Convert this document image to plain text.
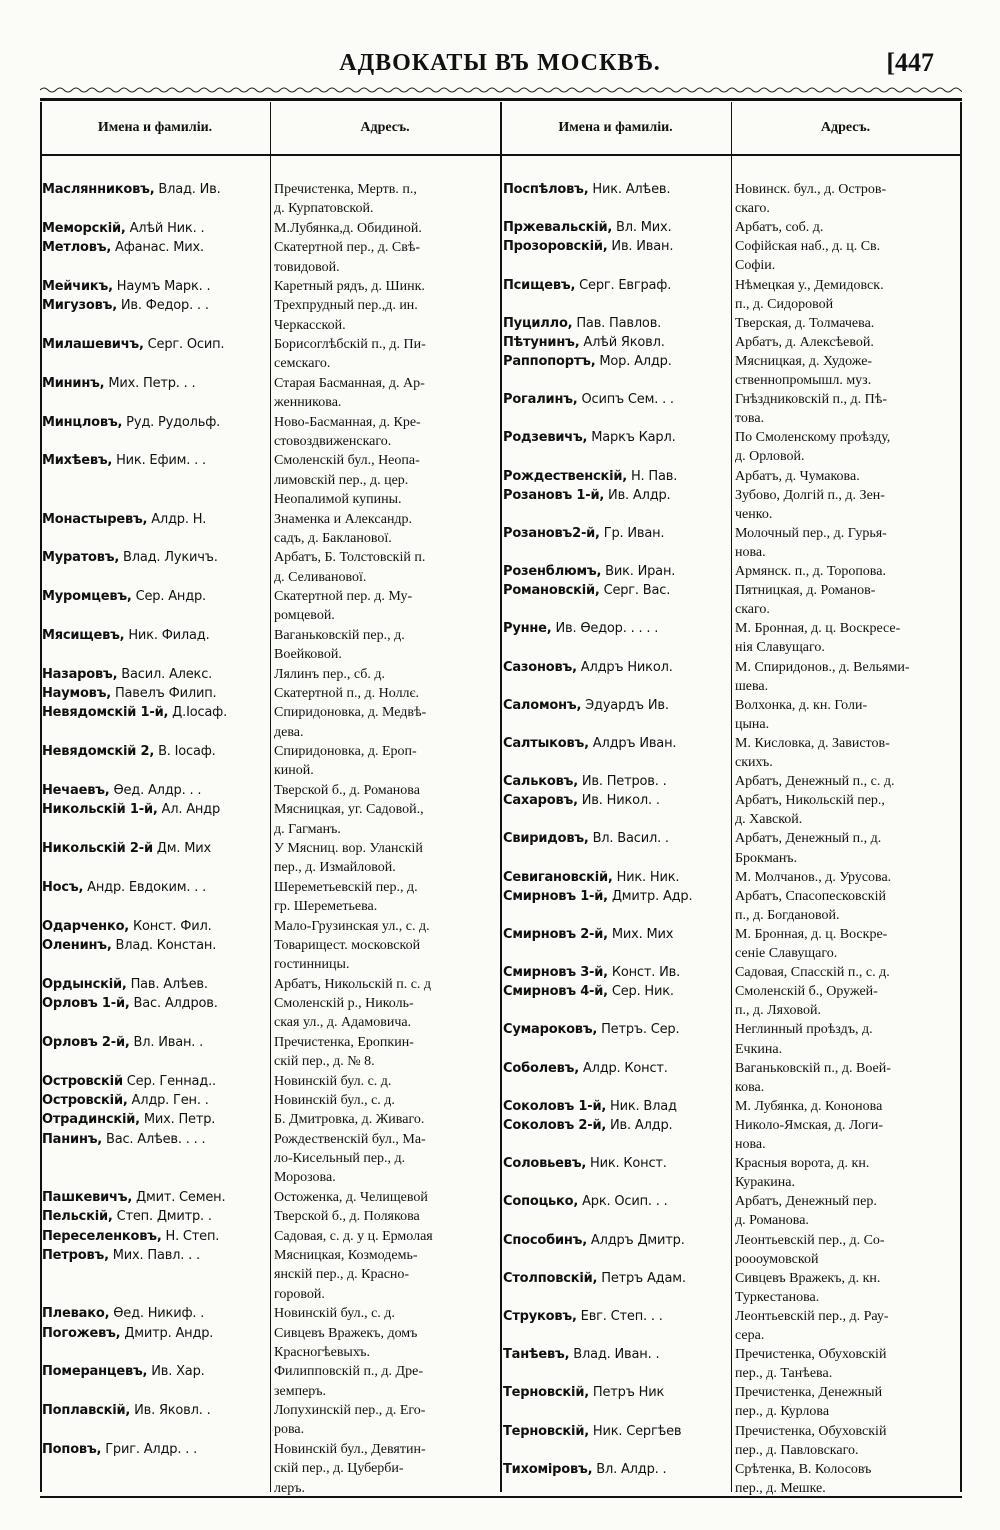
АДВОКАТЫ ВЪ МОСКВѢ.	[447
Имена и фамиліи.	Адресъ.	Имена и фамиліи.	Адресъ.
Маслянниковъ, Влад. Ив.	Пречистенка, Мертв. п.,
д. Курпатовской.
Меморскій, Алѣй Ник. .	М.Лубянка,д. Обидиной.
Метловъ, Афанас. Мих.	Скатертной пер., д. Свѣ-
товидовой.
Мейчикъ, Наумъ Марк. .	Каретный рядъ, д. Шинк.
Мигузовъ, Ив. Федор. . .	Трехпрудный пер.,д. ин.
Черкасской.
Милашевичъ, Серг. Осип.	Борисоглѣбскій п., д. Пи-
семскаго.
Мининъ, Мих. Петр. . .	Старая Басманная, д. Ар-
женникова.
Минцловъ, Руд. Рудольф.	Ново-Басманная, д. Кре-
стовоздвиженскаго.
Михѣевъ, Ник. Ефим. . .	Смоленскій бул., Неопа-
лимовскій пер., д. цер.
Неопалимой купины.
Монастыревъ, Алдр. Н.	Знаменка и Александр.
садъ, д. Бакланової.
Муратовъ, Влад. Лукичъ.	Арбатъ, Б. Толстовскій п.
д. Селиванової.
Муромцевъ, Сер. Андр.	Скатертной пер. д. Му-
ромцевой.
Мясищевъ, Ник. Филад.	Ваганьковскій пер., д.
Воейковой.
Назаровъ, Васил. Алекс.	Лялинъ пер., сб. д.
Наумовъ, Павелъ Филип.	Скатертной п., д. Ноллє.
Невядомскій 1-й, Д.Іосаф.	Спиридоновка, д. Медвѣ-
дева.
Невядомскій 2, В. Іосаф.	Спиридоновка, д. Ероп-
киной.
Нечаевъ, Өед. Алдр. . .	Тверской б., д. Романова
Никольскій 1-й, Ал. Андр	Мясницкая, уг. Садовой.,
д. Гагманъ.
Никольскій 2-й Дм. Мих	У Мясниц. вор. Уланскій
пер., д. Измайловой.
Носъ, Андр. Евдоким. . .	Шереметьевскій пер., д.
гр. Шереметьева.
Одарченко, Конст. Фил.	Мало-Грузинская ул., с. д.
Оленинъ, Влад. Констан.	Товарищест. московской
гостинницы.
Ордынскій, Пав. Алѣев.	Арбатъ, Никольскій п. с. д
Орловъ 1-й, Вас. Алдров.	Смоленскій р., Николь-
ская ул., д. Адамовича.
Орловъ 2-й, Вл. Иван. .	Пречистенка, Еропкин-
скій пер., д. № 8.
Островскій Сер. Геннад..	Новинскій бул. с. д.
Островскій, Алдр. Ген. .	Новинскій бул., с. д.
Отрадинскій, Мих. Петр.	Б. Дмитровка, д. Живаго.
Панинъ, Вас. Алѣев. . . .	Рождественскій бул., Ма-
ло-Кисельный пер., д.
Морозова.
Пашкевичъ, Дмит. Семен.	Остоженка, д. Челищевой
Пельскій, Степ. Дмитр. .	Тверской б., д. Полякова
Переселенковъ, Н. Степ.	Садовая, с. д. у ц. Ермолая
Петровъ, Мих. Павл. . .	Мясницкая, Козмодемь-
янскій пер., д. Красно-
горовой.
Плевако, Өед. Никиф. .	Новинскій бул., с. д.
Погожевъ, Дмитр. Андр.	Сивцевъ Вражекъ, домъ
Красногѣевыхъ.
Померанцевъ, Ив. Хар.	Филипповскій п., д. Дре-
земперъ.
Поплавскій, Ив. Яковл. .	Лопухинскій пер., д. Его-
рова.
Поповъ, Григ. Алдр. . .	Новинскій бул., Девятин-
скій пер., д. Цуберби-
леръ.
Поспѣловъ, Ник. Алѣев.	Новинск. бул., д. Остров-
скаго.
Пржевальскій, Вл. Мих.	Арбатъ, соб. д.
Прозоровскій, Ив. Иван.	Софійская наб., д. ц. Св.
Софіи.
Псищевъ, Серг. Евграф.	Нѣмецкая у., Демидовск.
п., д. Сидоровой
Пуцилло, Пав. Павлов.	Тверская, д. Толмачева.
Пѣтунинъ, Алѣй Яковл.	Арбатъ, д. Алексѣевой.
Раппопортъ, Мор. Алдр.	Мясницкая, д. Художе-
ственнопромышл. муз.
Рогалинъ, Осипъ Сем. . .	Гнѣздниковскій п., д. Пѣ-
това.
Родзевичъ, Маркъ Карл.	По Смоленскому проѣзду,
д. Орловой.
Рождественскій, Н. Пав.	Арбатъ, д. Чумакова.
Розановъ 1-й, Ив. Алдр.	Зубово, Долгій п., д. Зен-
ченко.
Розановъ2-й, Гр. Иван.	Молочный пер., д. Гурья-
нова.
Розенблюмъ, Вик. Иран.	Армянск. п., д. Торопова.
Романовскій, Серг. Вас.	Пятницкая, д. Романов-
скаго.
Рунне, Ив. Өедор. . . . .	М. Бронная, д. ц. Воскресе-
нія Славущаго.
Сазоновъ, Алдръ Никол.	М. Спиридонов., д. Вельями-
шева.
Саломонъ, Эдуардъ Ив.	Волхонка, д. кн. Голи-
цына.
Салтыковъ, Алдръ Иван.	М. Кисловка, д. Завистов-
скихъ.
Сальковъ, Ив. Петров. .	Арбатъ, Денежный п., с. д.
Сахаровъ, Ив. Никол. .	Арбатъ, Никольскій пер.,
д. Хавской.
Свиридовъ, Вл. Васил. .	Арбатъ, Денежный п., д.
Брокманъ.
Севигановскій, Ник. Ник.	М. Молчанов., д. Урусова.
Смирновъ 1-й, Дмитр. Адр.	Арбатъ, Спасопесковскій
п., д. Богдановой.
Смирновъ 2-й, Мих. Мих	М. Бронная, д. ц. Воскре-
сеніе Славущаго.
Смирновъ 3-й, Конст. Ив.	Садовая, Спасскій п., с. д.
Смирновъ 4-й, Сер. Ник.	Смоленскій б., Оружей-
п., д. Ляховой.
Сумароковъ, Петръ. Сер.	Неглинный проѣздъ, д.
Ечкина.
Соболевъ, Алдр. Конст.	Ваганьковскій п., д. Воей-
кова.
Соколовъ 1-й, Ник. Влад	М. Лубянка, д. Кононова
Соколовъ 2-й, Ив. Алдр.	Николо-Ямская, д. Логи-
нова.
Соловьевъ, Ник. Конст.	Красныя ворота, д. кн.
Куракина.
Сопоцько, Арк. Осип. . .	Арбатъ, Денежный пер.
д. Романова.
Способинъ, Алдръ Дмитр.	Леонтьевскій пер., д. Со-
роооумовской
Столповскій, Петръ Адам.	Сивцевъ Вражекъ, д. кн.
Туркестанова.
Струковъ, Евг. Степ. . .	Леонтьевскій пер., д. Рау-
сера.
Танѣевъ, Влад. Иван. .	Пречистенка, Обуховскій
пер., д. Танѣева.
Терновскій, Петръ Ник	Пречистенка, Денежный
пер., д. Курлова
Терновскій, Ник. Сергѣев	Пречистенка, Обуховскій
пер., д. Павловскаго.
Тихоміровъ, Вл. Алдр. .	Срѣтенка, В. Колосовъ
пер., д. Мешке.
